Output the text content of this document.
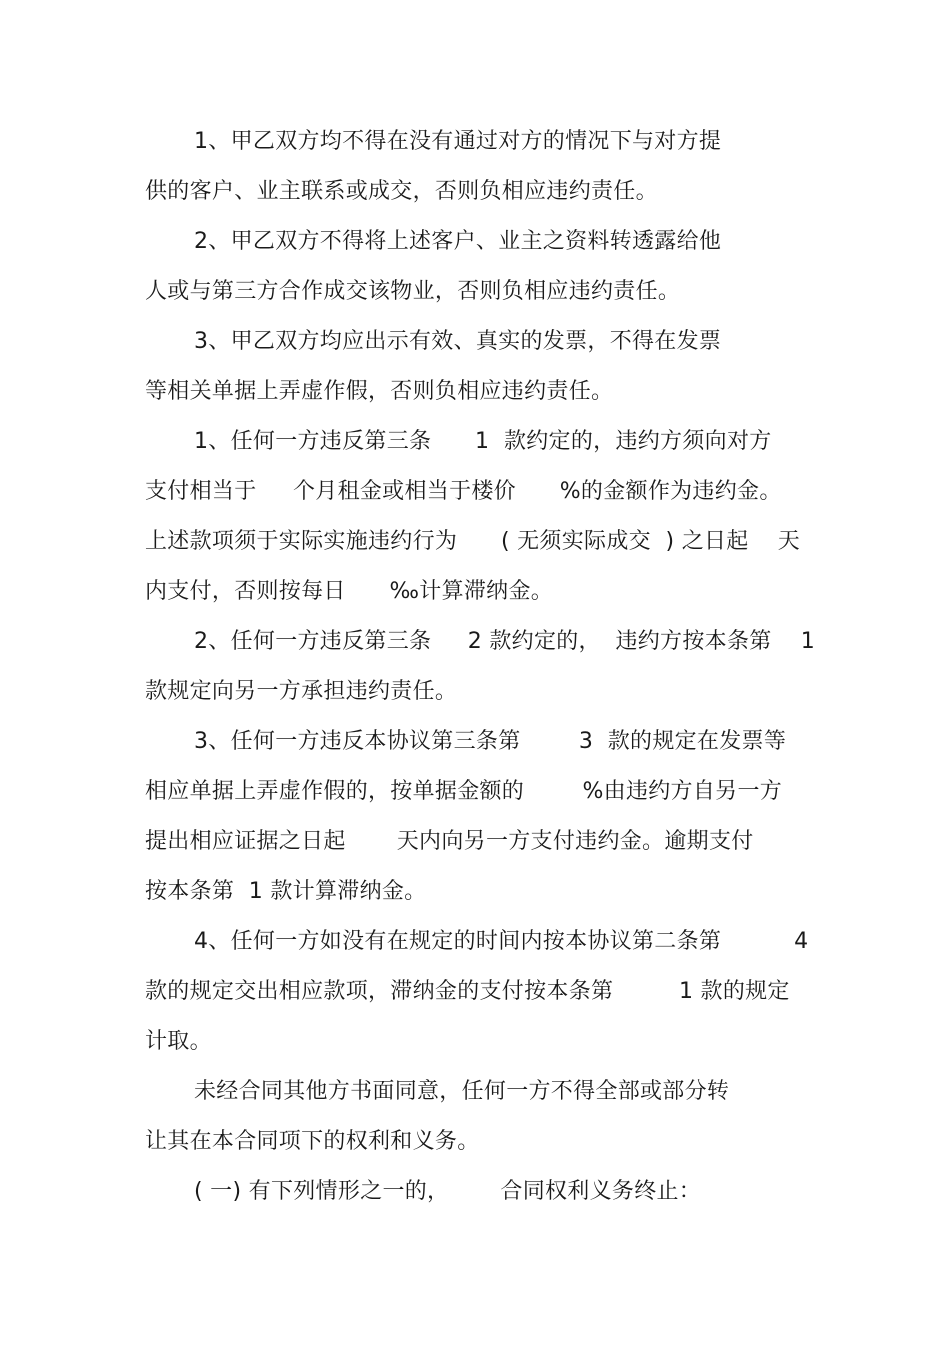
1、甲乙双方均不得在没有通过对方的情况下与对方提
供的客户、业主联系或成交，否则负相应违约责任。
2、甲乙双方不得将上述客户、业主之资料转透露给他
人或与第三方合作成交该物业，否则负相应违约责任。
3、甲乙双方均应出示有效、真实的发票，不得在发票
等相关单据上弄虚作假，否则负相应违约责任。
1、任何一方违反第三条      1  款约定的，违约方须向对方
支付相当于     个月租金或相当于楼价      %的金额作为违约金。
上述款项须于实际实施违约行为      ( 无须实际成交  ) 之日起    天
内支付，否则按每日      ‰计算滞纳金。
2、任何一方违反第三条     2 款约定的，  违约方按本条第    1
款规定向另一方承担违约责任。
3、任何一方违反本协议第三条第        3  款的规定在发票等
相应单据上弄虚作假的，按单据金额的        %由违约方自另一方
提出相应证据之日起       天内向另一方支付违约金。逾期支付
按本条第  1 款计算滞纳金。
4、任何一方如没有在规定的时间内按本协议第二条第          4
款的规定交出相应款项，滞纳金的支付按本条第         1 款的规定
计取。
未经合同其他方书面同意，任何一方不得全部或部分转
让其在本合同项下的权利和义务。
( 一) 有下列情形之一的，       合同权利义务终止：
